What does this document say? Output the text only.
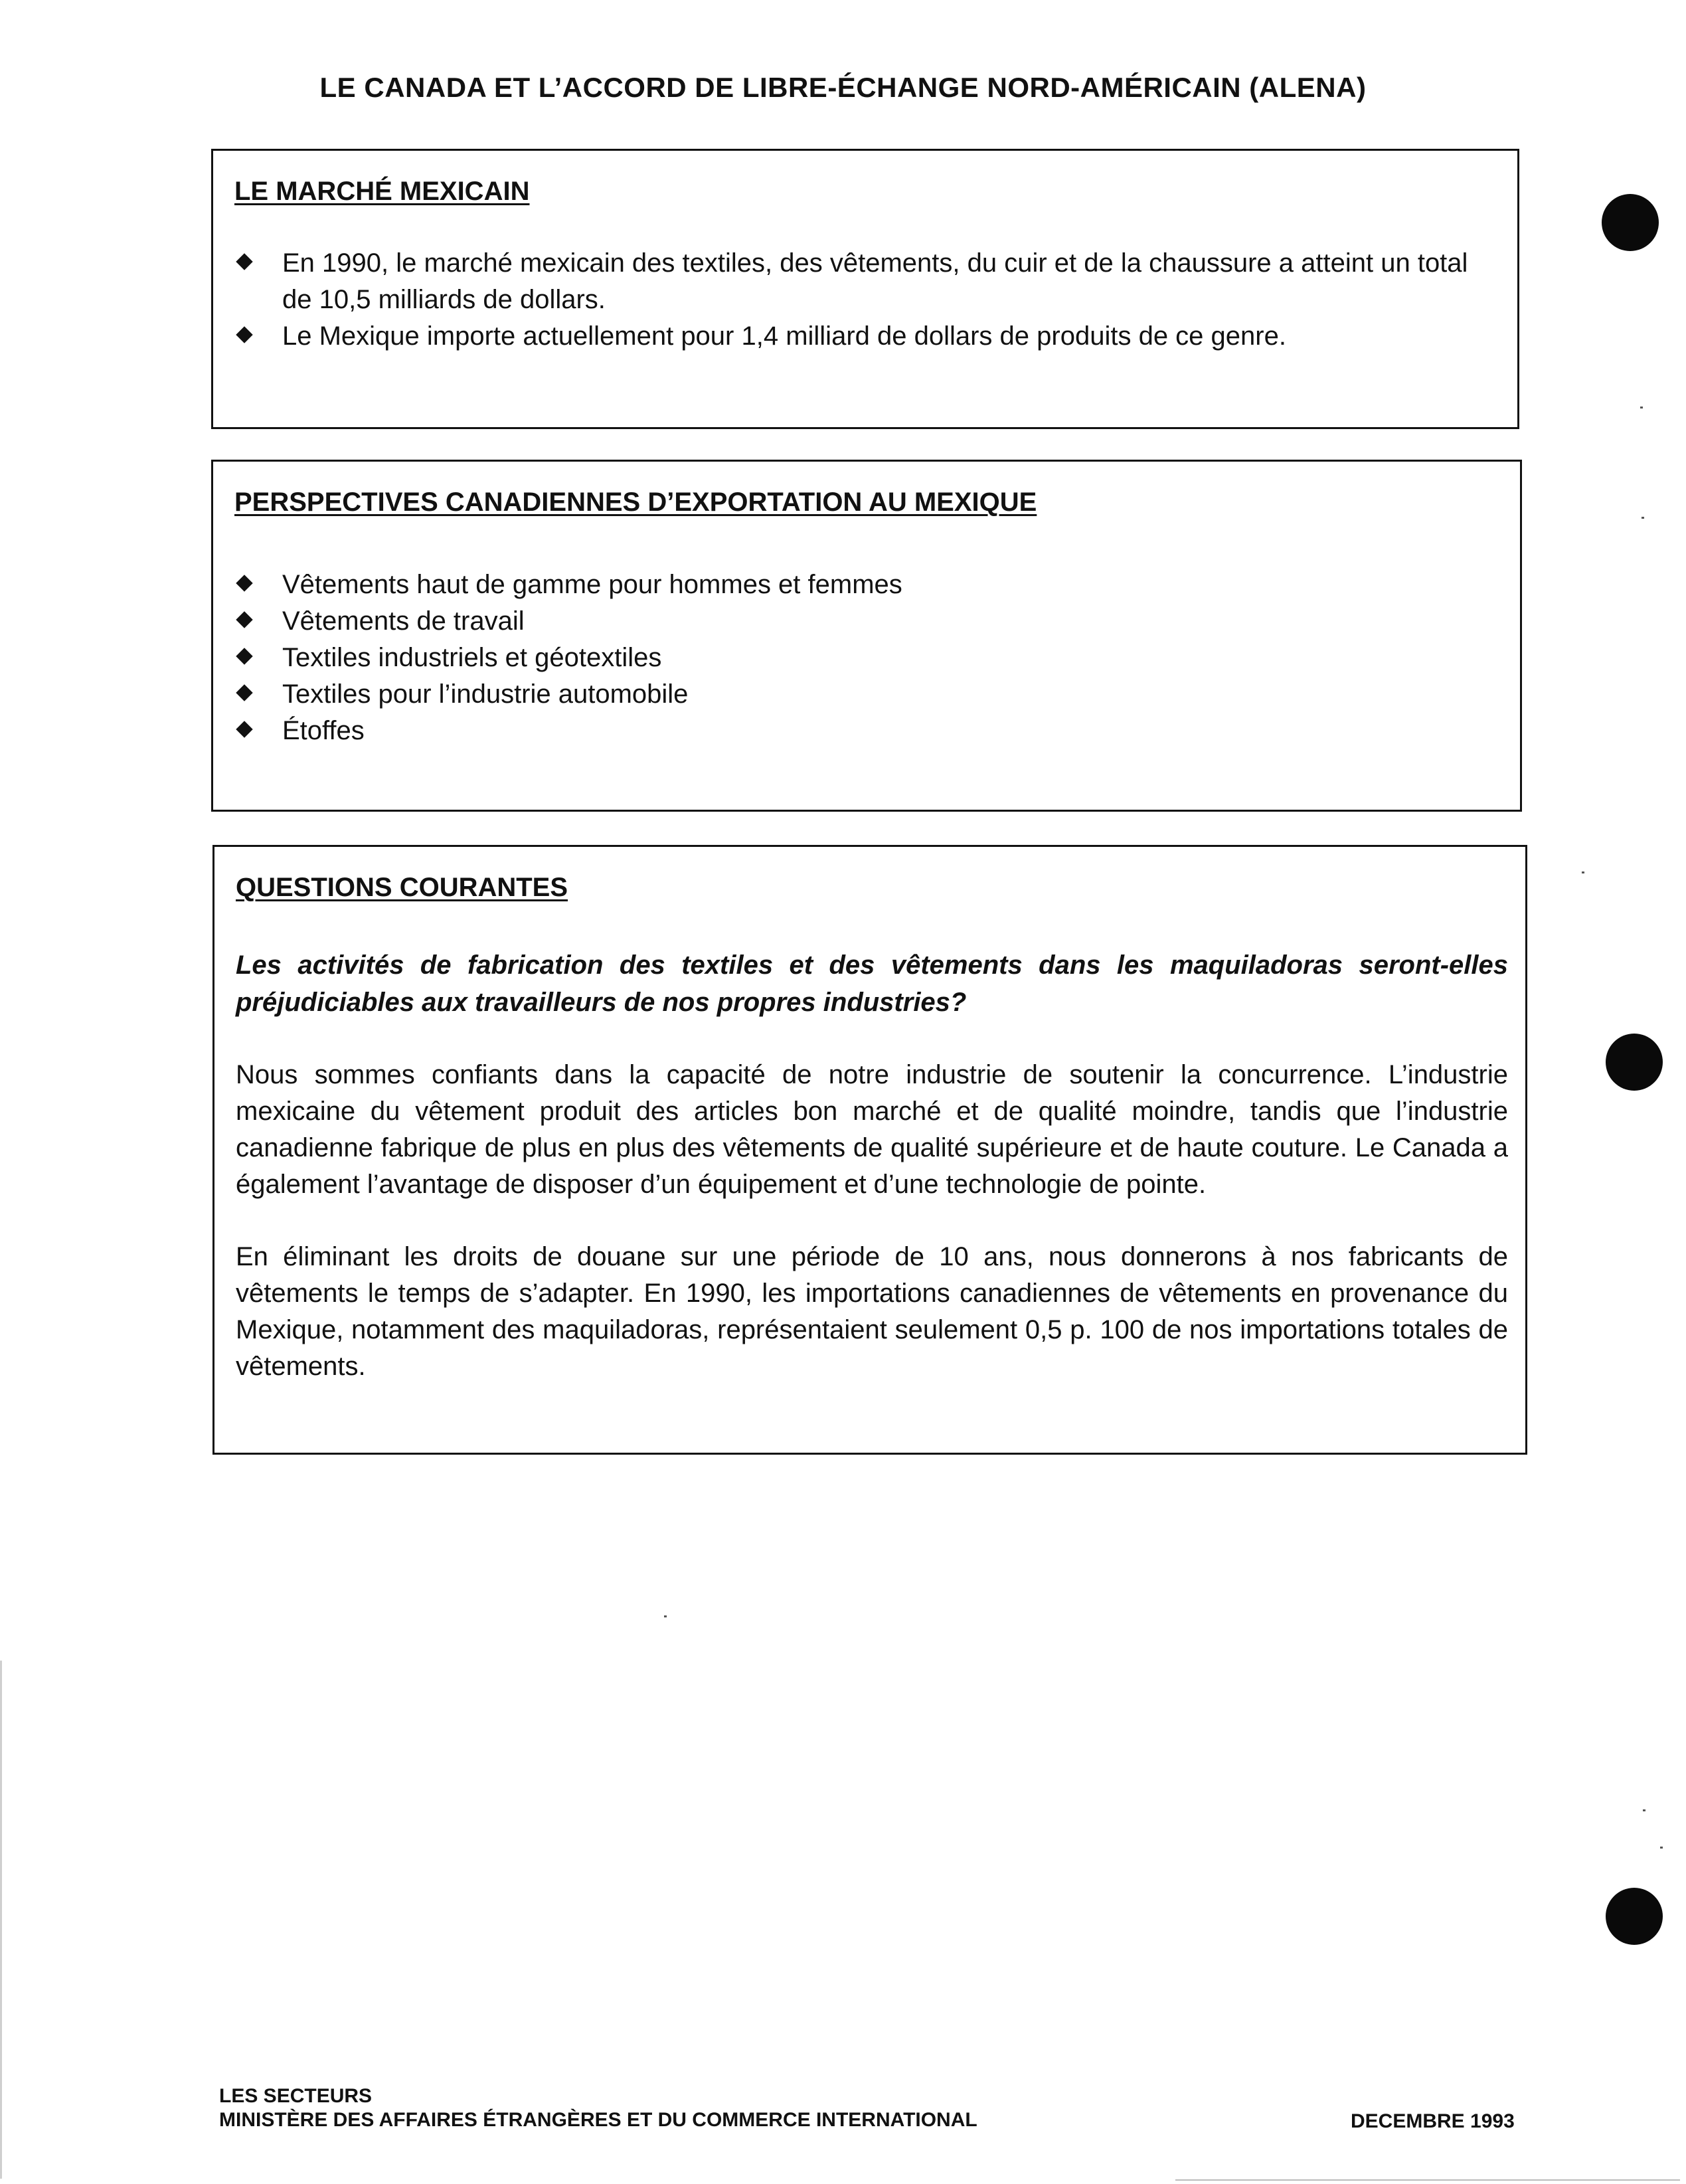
LE CANADA ET L’ACCORD DE LIBRE-ÉCHANGE NORD-AMÉRICAIN (ALENA)
LE MARCHÉ MEXICAIN
En 1990, le marché mexicain des textiles, des vêtements, du cuir et de la chaussure a atteint un total de 10,5 milliards de dollars.
Le Mexique importe actuellement pour 1,4 milliard de dollars de produits de ce genre.
PERSPECTIVES CANADIENNES D’EXPORTATION AU MEXIQUE
Vêtements haut de gamme pour hommes et femmes
Vêtements de travail
Textiles industriels et géotextiles
Textiles pour l’industrie automobile
Étoffes
QUESTIONS COURANTES

Les activités de fabrication des textiles et des vêtements dans les maquiladoras seront-elles préjudiciables aux travailleurs de nos propres industries?

Nous sommes confiants dans la capacité de notre industrie de soutenir la concurrence. L’industrie mexicaine du vêtement produit des articles bon marché et de qualité moindre, tandis que l’industrie canadienne fabrique de plus en plus des vêtements de qualité supérieure et de haute couture. Le Canada a également l’avantage de disposer d’un équipement et d’une technologie de pointe.

En éliminant les droits de douane sur une période de 10 ans, nous donnerons à nos fabricants de vêtements le temps de s’adapter. En 1990, les importations canadiennes de vêtements en provenance du Mexique, notamment des maquiladoras, représentaient seulement 0,5 p. 100 de nos importations totales de vêtements.

LES SECTEURS
MINISTÈRE DES AFFAIRES ÉTRANGÈRES ET DU COMMERCE INTERNATIONAL	DECEMBRE 1993
